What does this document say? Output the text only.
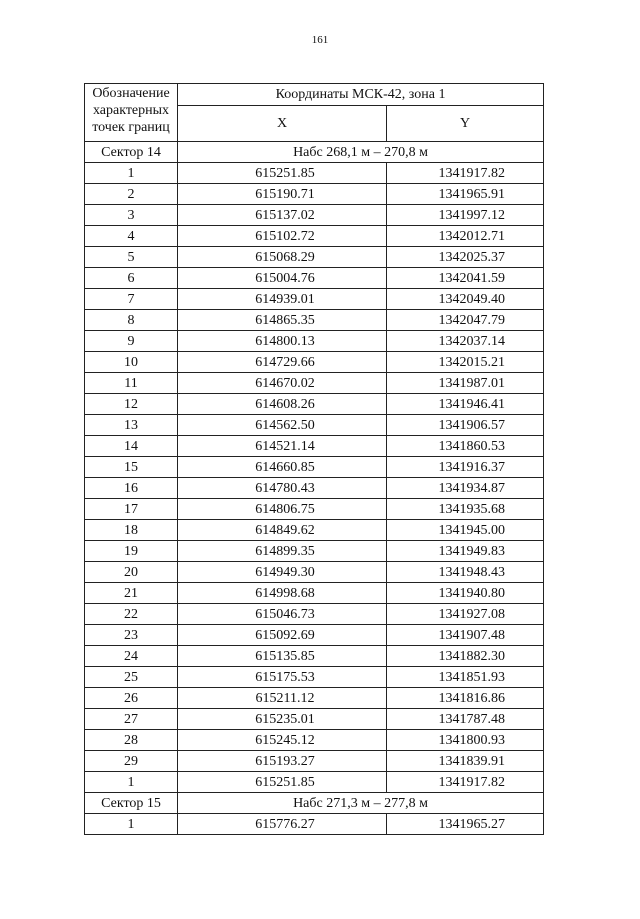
161
Обозначение
характерных
точек границ	Координаты МСК-42, зона 1	
	X	Y
Сектор 14	Набс 268,1 м – 270,8 м	
1	615251.85	1341917.82
2	615190.71	1341965.91
3	615137.02	1341997.12
4	615102.72	1342012.71
5	615068.29	1342025.37
6	615004.76	1342041.59
7	614939.01	1342049.40
8	614865.35	1342047.79
9	614800.13	1342037.14
10	614729.66	1342015.21
11	614670.02	1341987.01
12	614608.26	1341946.41
13	614562.50	1341906.57
14	614521.14	1341860.53
15	614660.85	1341916.37
16	614780.43	1341934.87
17	614806.75	1341935.68
18	614849.62	1341945.00
19	614899.35	1341949.83
20	614949.30	1341948.43
21	614998.68	1341940.80
22	615046.73	1341927.08
23	615092.69	1341907.48
24	615135.85	1341882.30
25	615175.53	1341851.93
26	615211.12	1341816.86
27	615235.01	1341787.48
28	615245.12	1341800.93
29	615193.27	1341839.91
1	615251.85	1341917.82
Сектор 15	Набс 271,3 м – 277,8 м	
1	615776.27	1341965.27
